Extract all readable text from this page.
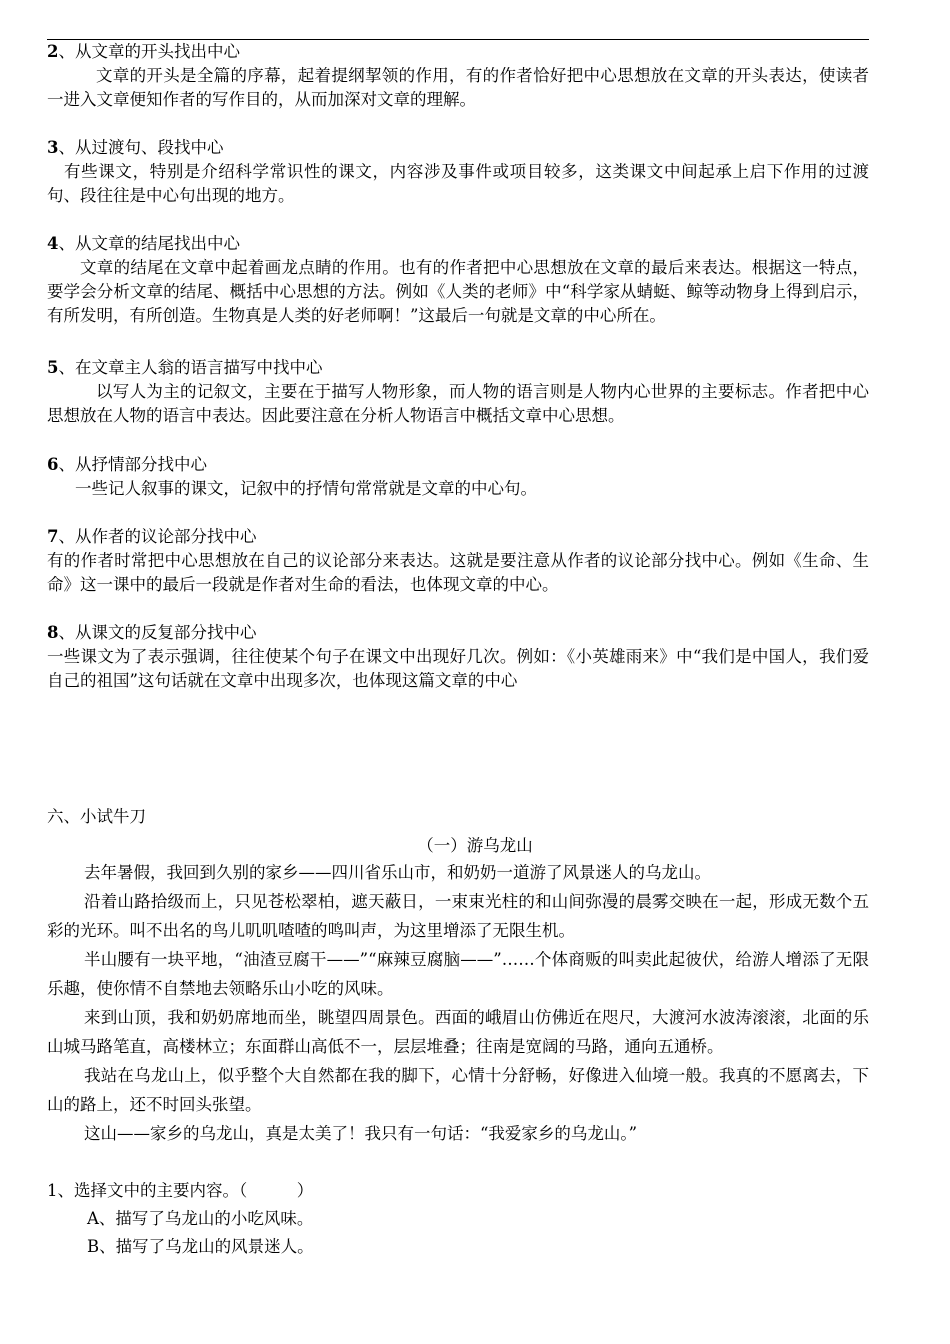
2、从文章的开头找出中心
文章的开头是全篇的序幕，起着提纲挈领的作用，有的作者恰好把中心思想放在文章的开头表达，使读者一进入文章便知作者的写作目的，从而加深对文章的理解。
3、从过渡句、段找中心
有些课文，特别是介绍科学常识性的课文，内容涉及事件或项目较多，这类课文中间起承上启下作用的过渡句、段往往是中心句出现的地方。
4、从文章的结尾找出中心
文章的结尾在文章中起着画龙点睛的作用。也有的作者把中心思想放在文章的最后来表达。根据这一特点，要学会分析文章的结尾、概括中心思想的方法。例如《人类的老师》中“科学家从蜻蜓、鲸等动物身上得到启示，有所发明，有所创造。生物真是人类的好老师啊！”这最后一句就是文章的中心所在。
5、在文章主人翁的语言描写中找中心
以写人为主的记叙文，主要在于描写人物形象，而人物的语言则是人物内心世界的主要标志。作者把中心思想放在人物的语言中表达。因此要注意在分析人物语言中概括文章中心思想。
6、从抒情部分找中心
一些记人叙事的课文，记叙中的抒情句常常就是文章的中心句。
7、从作者的议论部分找中心
有的作者时常把中心思想放在自己的议论部分来表达。这就是要注意从作者的议论部分找中心。例如《生命、生命》这一课中的最后一段就是作者对生命的看法，也体现文章的中心。
8、从课文的反复部分找中心
一些课文为了表示强调，往往使某个句子在课文中出现好几次。例如：《小英雄雨来》中“我们是中国人，我们爱自己的祖国”这句话就在文章中出现多次，也体现这篇文章的中心
六、小试牛刀
（一）游乌龙山
去年暑假，我回到久别的家乡——四川省乐山市，和奶奶一道游了风景迷人的乌龙山。
沿着山路拾级而上，只见苍松翠柏，遮天蔽日，一束束光柱的和山间弥漫的晨雾交映在一起，形成无数个五彩的光环。叫不出名的鸟儿叽叽喳喳的鸣叫声，为这里增添了无限生机。
半山腰有一块平地，“油渣豆腐干——”“麻辣豆腐脑——”……个体商贩的叫卖此起彼伏，给游人增添了无限乐趣，使你情不自禁地去领略乐山小吃的风味。
来到山顶，我和奶奶席地而坐，眺望四周景色。西面的峨眉山仿佛近在咫尺，大渡河水波涛滚滚，北面的乐山城马路笔直，高楼林立；东面群山高低不一，层层堆叠；往南是宽阔的马路，通向五通桥。
我站在乌龙山上，似乎整个大自然都在我的脚下，心情十分舒畅，好像进入仙境一般。我真的不愿离去，下山的路上，还不时回头张望。
这山——家乡的乌龙山，真是太美了！我只有一句话：“我爱家乡的乌龙山。”
1、选择文中的主要内容。（　　　）
A、描写了乌龙山的小吃风味。
B、描写了乌龙山的风景迷人。
